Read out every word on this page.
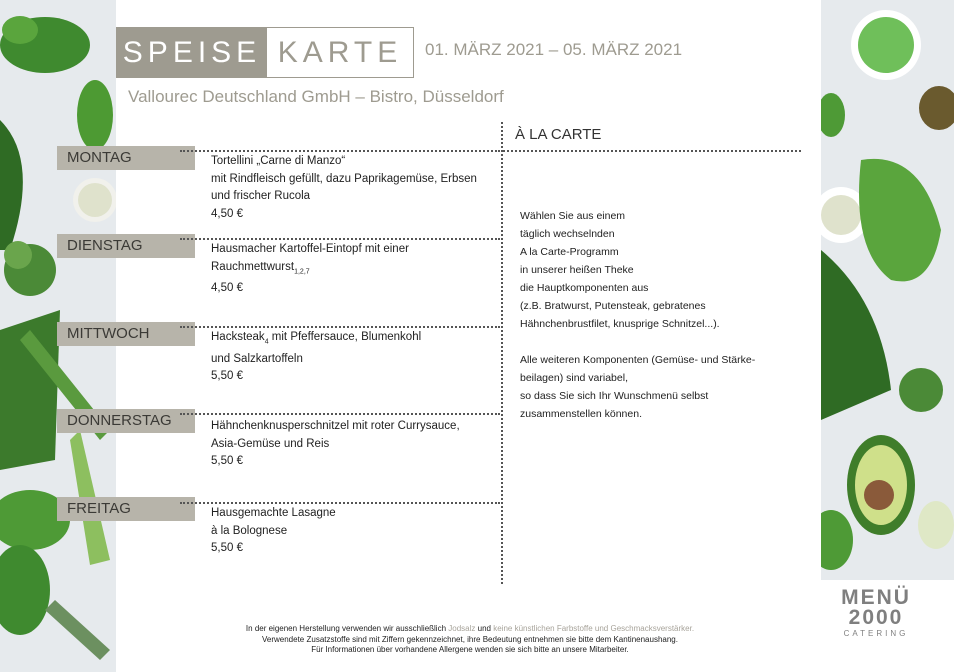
SPEISE KARTE	01. MÄRZ 2021 – 05. MÄRZ 2021
Vallourec Deutschland GmbH – Bistro, Düsseldorf
À LA CARTE
MONTAG	Tortellini „Carne di Manzo“
mit Rindfleisch gefüllt, dazu Paprikagemüse, Erbsen
und frischer Rucola
4,50 €
DIENSTAG	Hausmacher Kartoffel-Eintopf mit einer
Rauchmettwurst$_{1,2,7}$
4,50 €
MITTWOCH	Hacksteak$_4$ mit Pfeffersauce, Blumenkohl
und Salzkartoffeln
5,50 €
DONNERSTAG	Hähnchenknusperschnitzel mit roter Currysauce,
Asia-Gemüse und Reis
5,50 €
FREITAG	Hausgemachte Lasagne
à la Bolognese
5,50 €
Wählen Sie aus einem
täglich wechselnden
A la Carte-Programm
in unserer heißen Theke
die Hauptkomponenten aus
(z.B. Bratwurst, Putensteak, gebratenes
Hähnchenbrustfilet, knusprige Schnitzel...).
Alle weiteren Komponenten (Gemüse- und Stärke-
beilagen) sind variabel,
so dass Sie sich Ihr Wunschmenü selbst
zusammenstellen können.
In der eigenen Herstellung verwenden wir ausschließlich Jodsalz und keine künstlichen Farbstoffe und Geschmacksverstärker.
Verwendete Zusatzstoffe sind mit Ziffern gekennzeichnet, ihre Bedeutung entnehmen sie bitte dem Kantinenaushang.
Für Informationen über vorhandene Allergene wenden sie sich bitte an unsere Mitarbeiter.
MENÜ
2000
CATERING
